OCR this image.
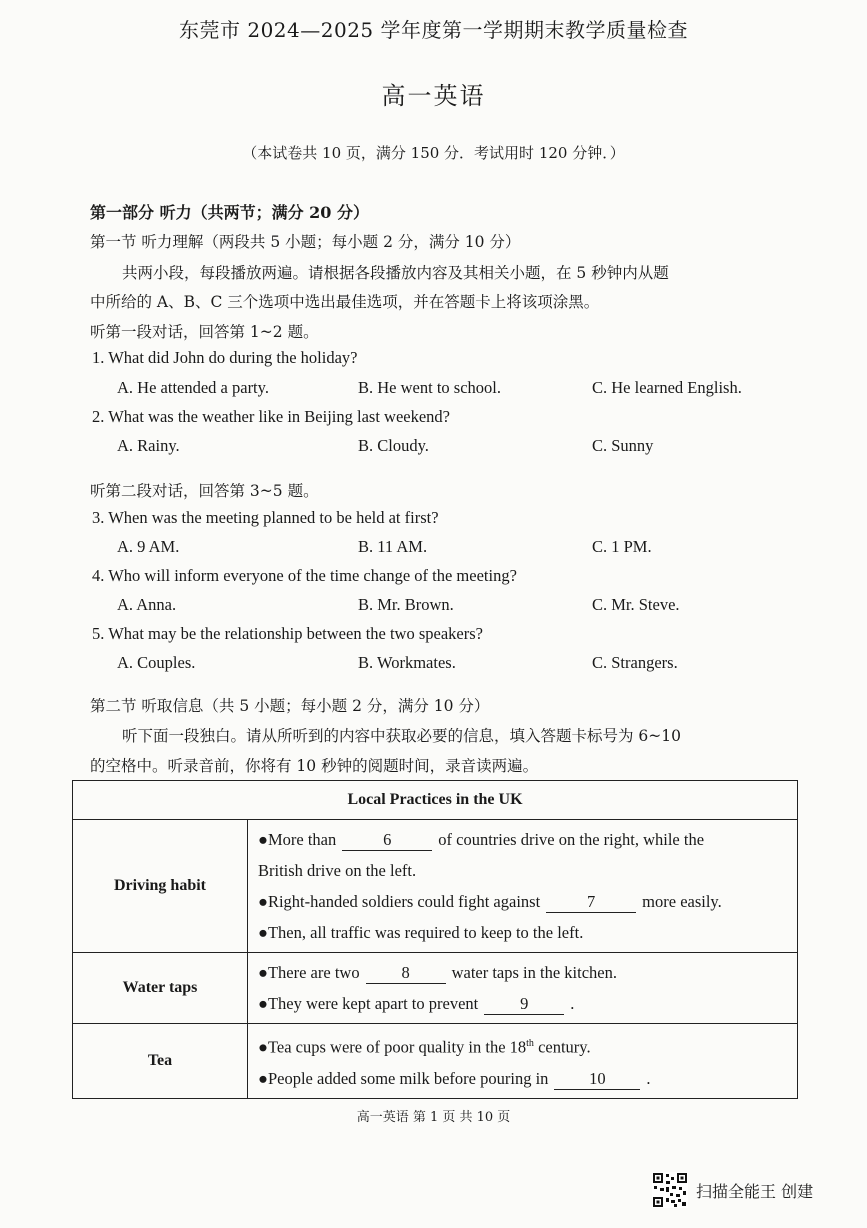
东莞市 2024—2025 学年度第一学期期末教学质量检查
高一英语
（本试卷共 10 页，满分 150 分．考试用时 120 分钟．）
第一部分 听力（共两节；满分 20 分）
第一节 听力理解（两段共 5 小题；每小题 2 分，满分 10 分）
共两小段，每段播放两遍。请根据各段播放内容及其相关小题，在 5 秒钟内从题
中所给的 A、B、C 三个选项中选出最佳选项，并在答题卡上将该项涂黑。
听第一段对话，回答第 1~2 题。
1. What did John do during the holiday?
A. He attended a party.	B. He went to school.	C. He learned English.
2. What was the weather like in Beijing last weekend?
A. Rainy.	B. Cloudy.	C. Sunny
听第二段对话，回答第 3~5 题。
3. When was the meeting planned to be held at first?
A. 9 AM.	B. 11 AM.	C. 1 PM.
4. Who will inform everyone of the time change of the meeting?
A. Anna.	B. Mr. Brown.	C. Mr. Steve.
5. What may be the relationship between the two speakers?
A. Couples.	B. Workmates.	C. Strangers.
第二节 听取信息（共 5 小题；每小题 2 分，满分 10 分）
听下面一段独白。请从所听到的内容中获取必要的信息，填入答题卡标号为 6~10
的空格中。听录音前，你将有 10 秒钟的阅题时间，录音读两遍。
Local Practices in the UK	
Driving habit	●More than 6 of countries drive on the right, while the
British drive on the left.
●Right-handed soldiers could fight against 7 more easily.
●Then, all traffic was required to keep to the left.

Water taps	●There are two 8 water taps in the kitchen.
●They were kept apart to prevent 9 .

Tea	●Tea cups were of poor quality in the 18th century.
●People added some milk before pouring in 10 .
高一英语 第 1 页 共 10 页
扫描全能王 创建
